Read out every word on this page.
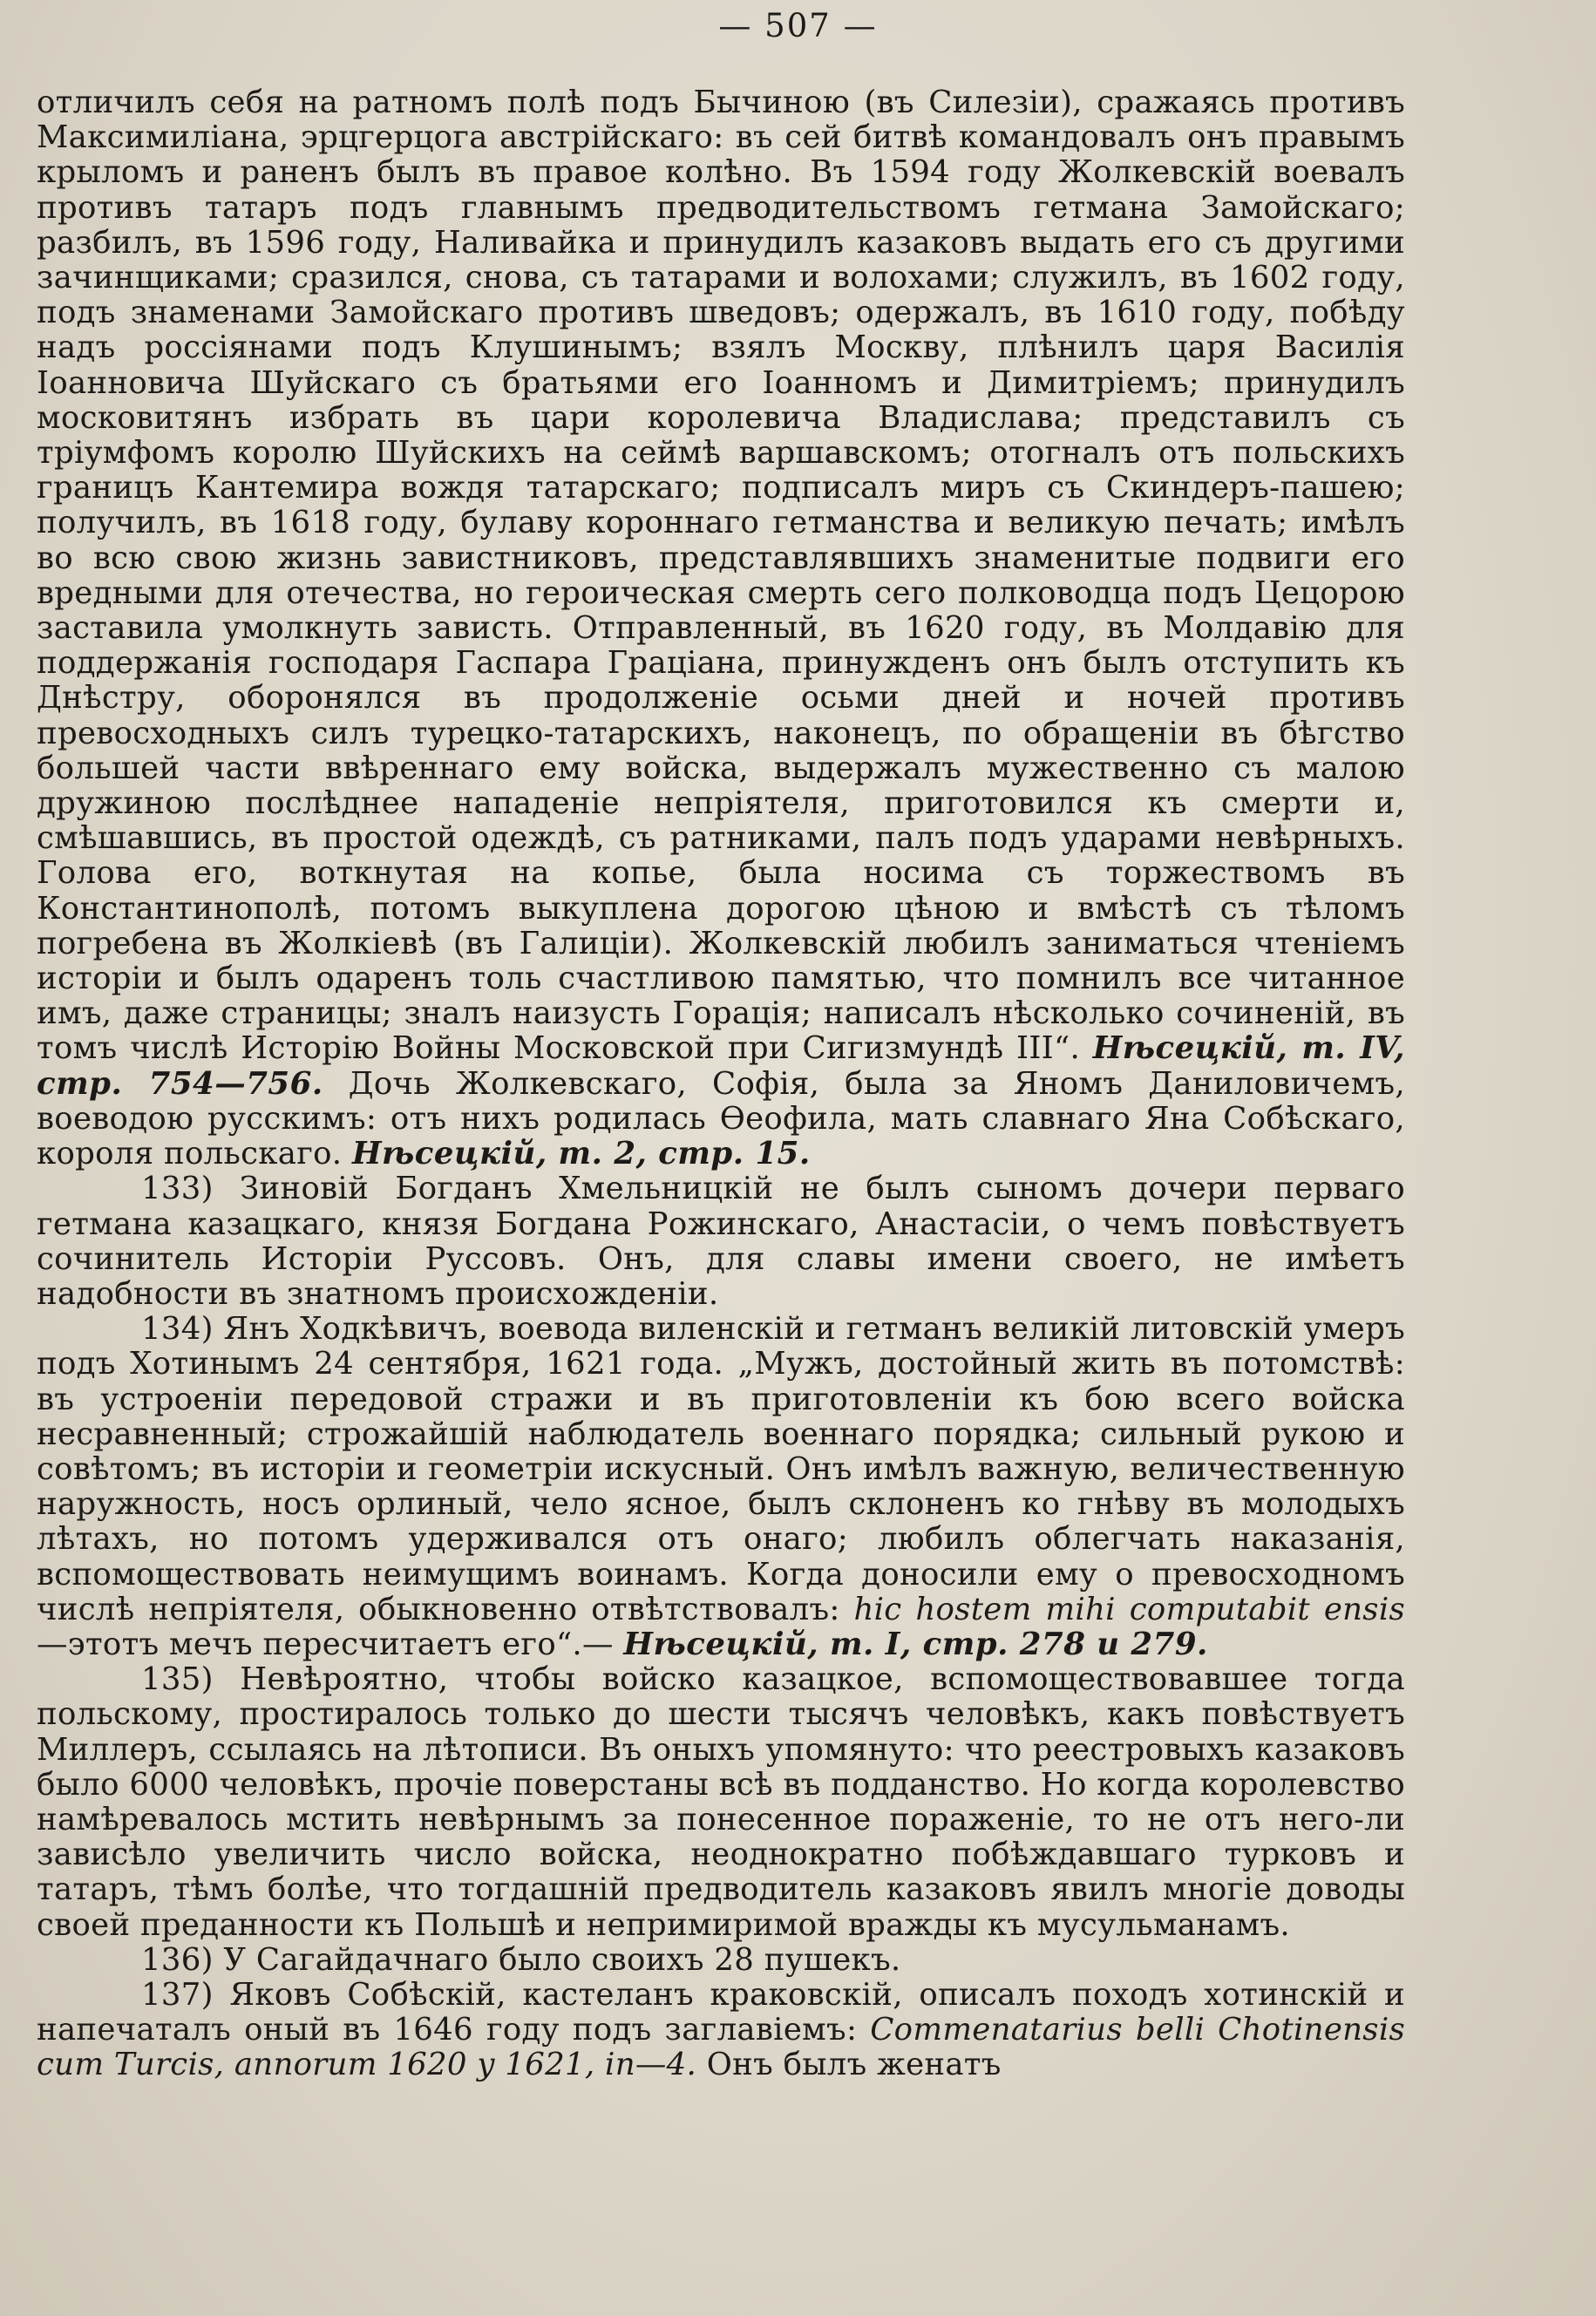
— 507 —

отличилъ себя на ратномъ полѣ подъ Бычиною (въ Силезіи), сражаясь противъ Максимиліана, эрцгерцога австрійскаго: въ сей битвѣ командовалъ онъ правымъ крыломъ и раненъ былъ въ правое колѣно. Въ 1594 году Жолкевскій воевалъ противъ татаръ подъ главнымъ предводительствомъ гетмана Замойскаго; разбилъ, въ 1596 году, Наливайка и принудилъ казаковъ выдать его съ другими зачинщиками; сразился, снова, съ татарами и волохами; служилъ, въ 1602 году, подъ знаменами Замойскаго противъ шведовъ; одержалъ, въ 1610 году, побѣду надъ россіянами подъ Клушинымъ; взялъ Москву, плѣнилъ царя Василія Іоанновича Шуйскаго съ братьями его Іоанномъ и Димитріемъ; принудилъ московитянъ избрать въ цари королевича Владислава; представилъ съ тріумфомъ королю Шуйскихъ на сеймѣ варшавскомъ; отогналъ отъ польскихъ границъ Кантемира вождя татарскаго; подписалъ миръ съ Скиндеръ-пашею; получилъ, въ 1618 году, булаву короннаго гетманства и великую печать; имѣлъ во всю свою жизнь завистниковъ, представлявшихъ знаменитые подвиги его вредными для отечества, но героическая смерть сего полководца подъ Цецорою заставила умолкнуть зависть. Отправленный, въ 1620 году, въ Молдавію для поддержанія господаря Гаспара Граціана, принужденъ онъ былъ отступить къ Днѣстру, оборонялся въ продолженіе осьми дней и ночей противъ превосходныхъ силъ турецко-татарскихъ, наконецъ, по обращеніи въ бѣгство большей части ввѣреннаго ему войска, выдержалъ мужественно съ малою дружиною послѣднее нападеніе непріятеля, приготовился къ смерти и, смѣшавшись, въ простой одеждѣ, съ ратниками, палъ подъ ударами невѣрныхъ. Голова его, воткнутая на копье, была носима съ торжествомъ въ Константинополѣ, потомъ выкуплена дорогою цѣною и вмѣстѣ съ тѣломъ погребена въ Жолкіевѣ (въ Галиціи). Жолкевскій любилъ заниматься чтеніемъ исторіи и былъ одаренъ толь счастливою памятью, что помнилъ все читанное имъ, даже страницы; зналъ наизусть Горація; написалъ нѣсколько сочиненій, въ томъ числѣ Исторію Войны Московской при Сигизмундѣ III“. Нѣсецкій, т. IV, стр. 754—756. Дочь Жолкевскаго, Софія, была за Яномъ Даниловичемъ, воеводою русскимъ: отъ нихъ родилась Ѳеофила, мать славнаго Яна Собѣскаго, короля польскаго. Нѣсецкій, т. 2, стр. 15.

133) Зиновій Богданъ Хмельницкій не былъ сыномъ дочери перваго гетмана казацкаго, князя Богдана Рожинскаго, Анастасіи, о чемъ повѣствуетъ сочинитель Исторіи Руссовъ. Онъ, для славы имени своего, не имѣетъ надобности въ знатномъ происхожденіи.

134) Янъ Ходкѣвичъ, воевода виленскій и гетманъ великій литовскій умеръ подъ Хотинымъ 24 сентября, 1621 года. „Мужъ, достойный жить въ потомствѣ: въ устроеніи передовой стражи и въ приготовленіи къ бою всего войска несравненный; строжайшій наблюдатель военнаго порядка; сильный рукою и совѣтомъ; въ исторіи и геометріи искусный. Онъ имѣлъ важную, величественную наружность, носъ орлиный, чело ясное, былъ склоненъ ко гнѣву въ молодыхъ лѣтахъ, но потомъ удерживался отъ онаго; любилъ облегчать наказанія, вспомоществовать неимущимъ воинамъ. Когда доносили ему о превосходномъ числѣ непріятеля, обыкновенно отвѣтствовалъ: hic hostem mihi computabit ensis—этотъ мечъ пересчитаетъ его“.— Нѣсецкій, т. I, стр. 278 и 279.

135) Невѣроятно, чтобы войско казацкое, вспомоществовавшее тогда польскому, простиралось только до шести тысячъ человѣкъ, какъ повѣствуетъ Миллеръ, ссылаясь на лѣтописи. Въ оныхъ упомянуто: что реестровыхъ казаковъ было 6000 человѣкъ, прочіе поверстаны всѣ въ подданство. Но когда королевство намѣревалось мстить невѣрнымъ за понесенное пораженіе, то не отъ него-ли зависѣло увеличить число войска, неоднократно побѣждавшаго турковъ и татаръ, тѣмъ болѣе, что тогдашній предводитель казаковъ явилъ многіе доводы своей преданности къ Польшѣ и непримиримой вражды къ мусульманамъ.

136) У Сагайдачнаго было своихъ 28 пушекъ.

137) Яковъ Собѣскій, кастеланъ краковскій, описалъ походъ хотинскій и напечаталъ оный въ 1646 году подъ заглавіемъ: Commenatarius belli Chotinensis cum Turcis, annorum 1620 y 1621, in—4. Онъ былъ женатъ
